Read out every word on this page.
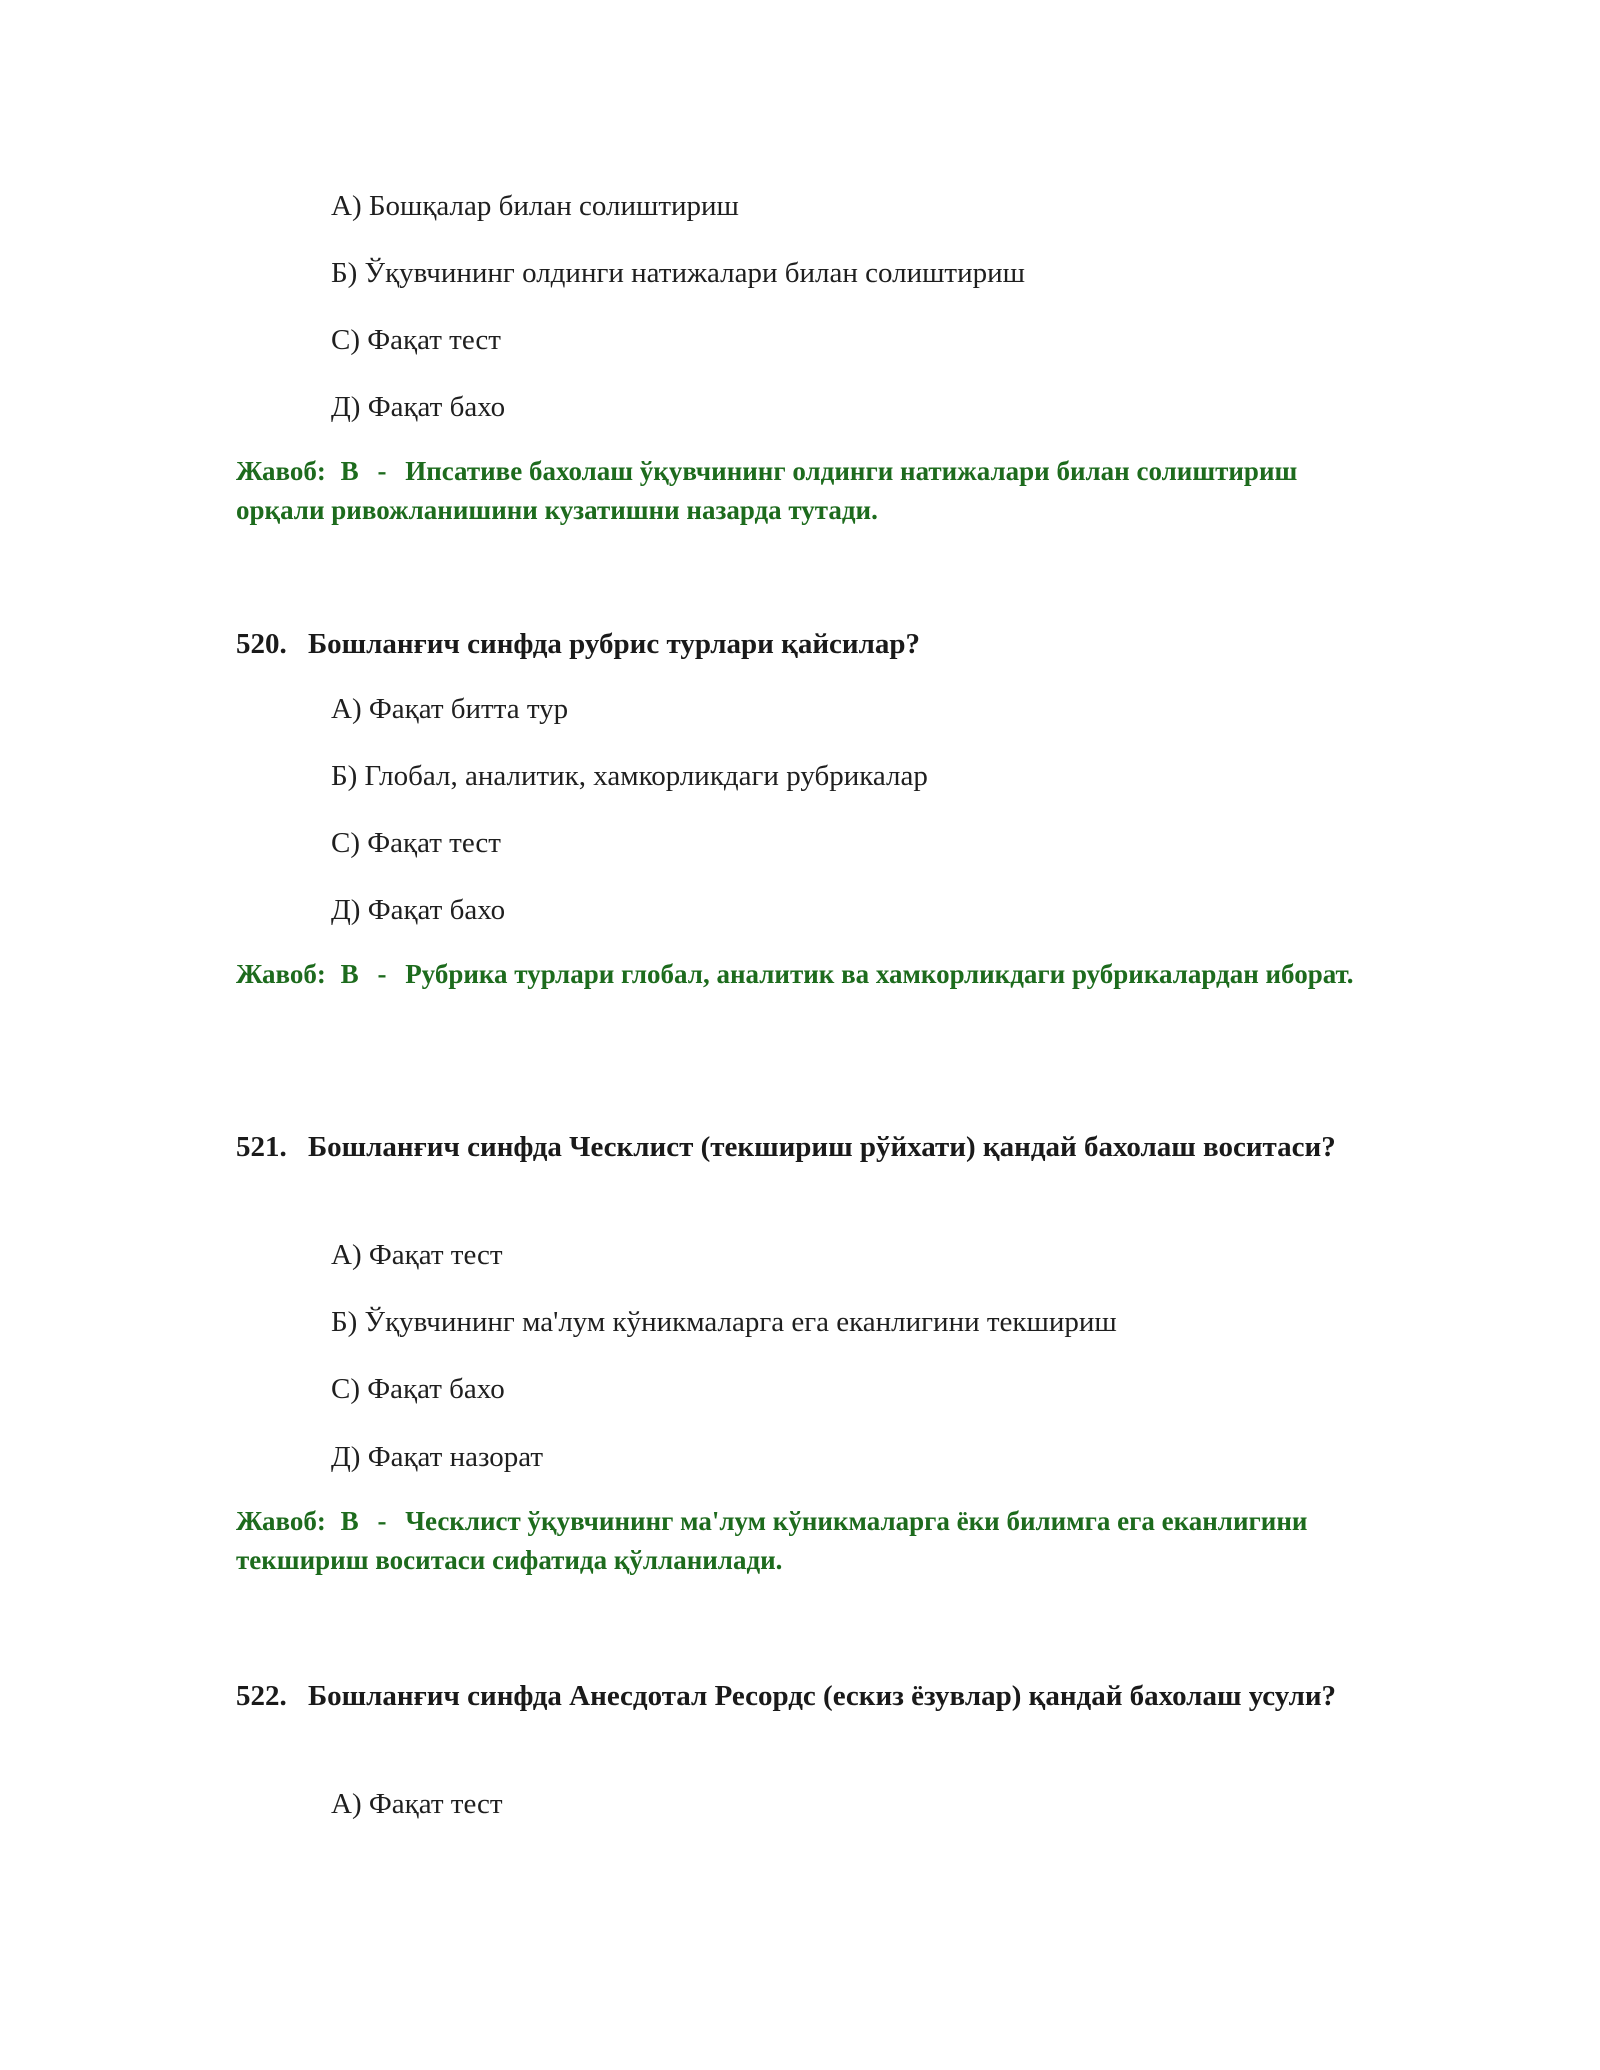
А) Бошқалар билан солиштириш
Б) Ўқувчининг олдинги натижалари билан солиштириш
С) Фақат тест
Д) Фақат бахо
Жавоб: B - Ипсативе бахолаш ўқувчининг олдинги натижалари билан солиштириш орқали ривожланишини кузатишни назарда тутади.
520. Бошланғич синфда рубрис турлари қайсилар?
А) Фақат битта тур
Б) Глобал, аналитик, хамкорликдаги рубрикалар
С) Фақат тест
Д) Фақат бахо
Жавоб: B - Рубрика турлари глобал, аналитик ва хамкорликдаги рубрикалардан иборат.
521. Бошланғич синфда Ческлист (текшириш рўйхати) қандай бахолаш воситаси?
А) Фақат тест
Б) Ўқувчининг ма'лум кўникмаларга ега еканлигини текшириш
С) Фақат бахо
Д) Фақат назорат
Жавоб: B - Ческлист ўқувчининг ма'лум кўникмаларга ёки билимга ега еканлигини текшириш воситаси сифатида қўлланилади.
522. Бошланғич синфда Анесдотал Ресордс (ескиз ёзувлар) қандай бахолаш усули?
А) Фақат тест
